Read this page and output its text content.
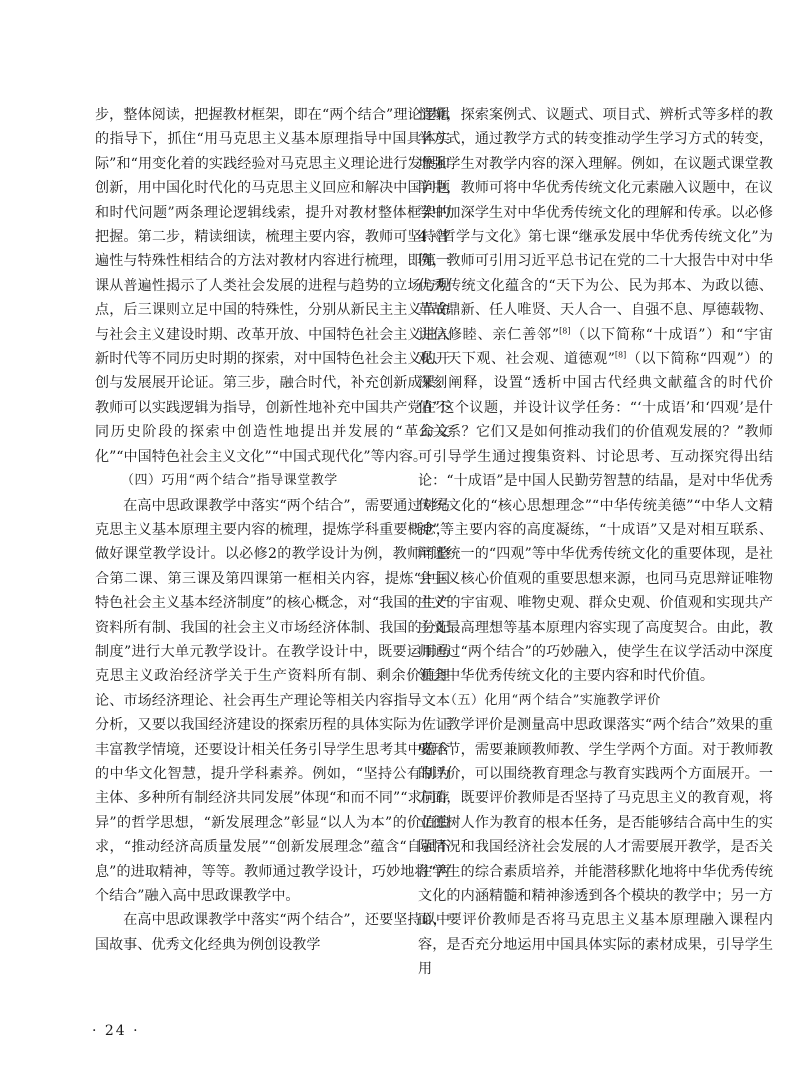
步，整体阅读，把握教材框架，即在“两个结合”理论逻辑的指导下，抓住“用马克思主义基本原理指导中国具体实际”和“用变化着的实践经验对马克思主义理论进行发展和创新，用中国化时代化的马克思主义回应和解决中国问题和时代问题”两条理论逻辑线索，提升对教材整体框架的把握。第二步，精读细读，梳理主要内容，教师可坚持普遍性与特殊性相结合的方法对教材内容进行梳理，即第一课从普遍性揭示了人类社会发展的进程与趋势的立场与观点，后三课则立足中国的特殊性，分别从新民主主义革命与社会主义建设时期、改革开放、中国特色社会主义进入新时代等不同历史时期的探索，对中国特色社会主义的开创与发展展开论证。第三步，融合时代，补充创新成果。教师可以实践逻辑为指导，创新性地补充中国共产党在不同历史阶段的探索中创造性地提出并发展的“革命文化”“中国特色社会主义文化”“中国式现代化”等内容。

（四）巧用“两个结合”指导课堂教学

在高中思政课教学中落实“两个结合”，需要通过对马克思主义基本原理主要内容的梳理，提炼学科重要概念，做好课堂教学设计。以必修2的教学设计为例，教师可整合第二课、第三课及第四课第一框相关内容，提炼“中国特色社会主义基本经济制度”的核心概念，对“我国的生产资料所有制、我国的社会主义市场经济体制、我国的分配制度”进行大单元教学设计。在教学设计中，既要运用马克思主义政治经济学关于生产资料所有制、剩余价值理论、市场经济理论、社会再生产理论等相关内容指导文本分析，又要以我国经济建设的探索历程的具体实际为佐证丰富教学情境，还要设计相关任务引导学生思考其中蕴含的中华文化智慧，提升学科素养。例如，“坚持公有制为主体、多种所有制经济共同发展”体现“和而不同”“求同存异”的哲学思想，“新发展理念”彰显“以人为本”的价值追求，“推动经济高质量发展”“创新发展理念”蕴含“自强不息”的进取精神，等等。教师通过教学设计，巧妙地将“两个结合”融入高中思政课教学中。

在高中思政课教学中落实“两个结合”，还要坚持以中国故事、优秀文化经典为例创设教学

情境，探索案例式、议题式、项目式、辨析式等多样的教学方式，通过教学方式的转变推动学生学习方式的转变，增强学生对教学内容的深入理解。例如，在议题式课堂教学中，教师可将中华优秀传统文化元素融入议题中，在议学中加深学生对中华优秀传统文化的理解和传承。以必修4《哲学与文化》第七课“继承发展中华优秀传统文化”为例，教师可引用习近平总书记在党的二十大报告中对中华优秀传统文化蕴含的“天下为公、民为邦本、为政以德、革故鼎新、任人唯贤、天人合一、自强不息、厚德载物、讲信修睦、亲仁善邻”[8]（以下简称“十成语”）和“宇宙观、天下观、社会观、道德观”[8]（以下简称“四观”）的深刻阐释，设置“透析中国古代经典文献蕴含的时代价值”这个议题，并设计议学任务：“‘十成语’和‘四观’是什么关系？它们又是如何推动我们的价值观发展的？”教师可引导学生通过搜集资料、讨论思考、互动探究得出结论：“十成语”是中国人民勤劳智慧的结晶，是对中华优秀传统文化的“核心思想理念”“中华传统美德”“中华人文精神”等主要内容的高度凝练，“十成语”又是对相互联系、辩证统一的“四观”等中华优秀传统文化的重要体现，是社会主义核心价值观的重要思想来源，也同马克思辩证唯物主义的宇宙观、唯物史观、群众史观、价值观和实现共产主义最高理想等基本原理内容实现了高度契合。由此，教师通过“两个结合”的巧妙融入，使学生在议学活动中深度领会中华优秀传统文化的主要内容和时代价值。

（五）化用“两个结合”实施教学评价

教学评价是测量高中思政课落实“两个结合”效果的重要环节，需要兼顾教师教、学生学两个方面。对于教师教的评价，可以围绕教育理念与教育实践两个方面展开。一方面，既要评价教师是否坚持了马克思主义的教育观，将立德树人作为教育的根本任务，是否能够结合高中生的实际情况和我国经济社会发展的人才需要展开教学，是否关注学生的综合素质培养，并能潜移默化地将中华优秀传统文化的内涵精髓和精神渗透到各个模块的教学中；另一方面，要评价教师是否将马克思主义基本原理融入课程内容，是否充分地运用中国具体实际的素材成果，引导学生用

· 24 ·
